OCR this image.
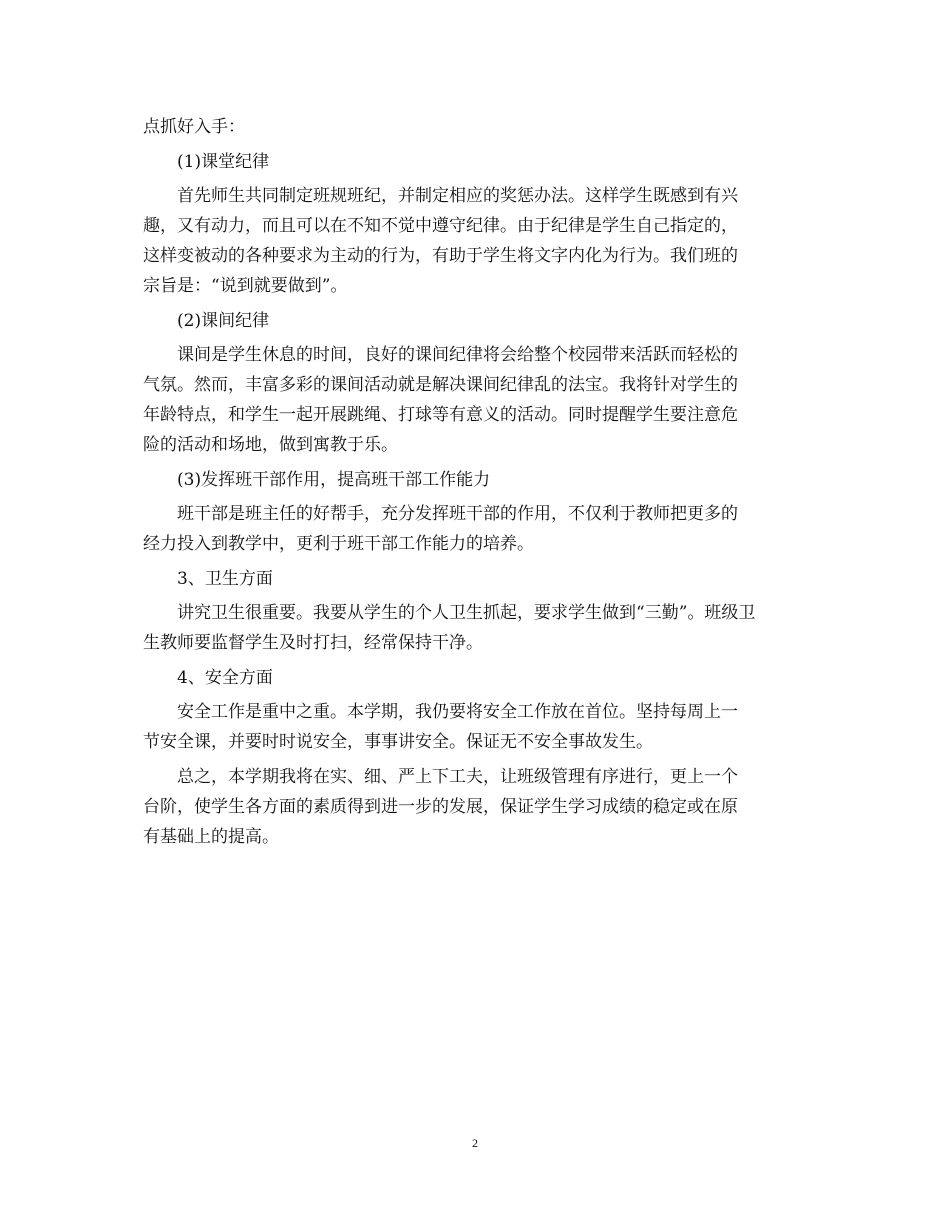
点抓好入手：

(1)课堂纪律

首先师生共同制定班规班纪，并制定相应的奖惩办法。这样学生既感到有兴

趣，又有动力，而且可以在不知不觉中遵守纪律。由于纪律是学生自己指定的，

这样变被动的各种要求为主动的行为，有助于学生将文字内化为行为。我们班的

宗旨是：“说到就要做到”。

(2)课间纪律

课间是学生休息的时间，良好的课间纪律将会给整个校园带来活跃而轻松的

气氛。然而，丰富多彩的课间活动就是解决课间纪律乱的法宝。我将针对学生的

年龄特点，和学生一起开展跳绳、打球等有意义的活动。同时提醒学生要注意危

险的活动和场地，做到寓教于乐。

(3)发挥班干部作用，提高班干部工作能力

班干部是班主任的好帮手，充分发挥班干部的作用，不仅利于教师把更多的

经力投入到教学中，更利于班干部工作能力的培养。

3、卫生方面

讲究卫生很重要。我要从学生的个人卫生抓起，要求学生做到“三勤”。班级卫

生教师要监督学生及时打扫，经常保持干净。

4、安全方面

安全工作是重中之重。本学期，我仍要将安全工作放在首位。坚持每周上一

节安全课，并要时时说安全，事事讲安全。保证无不安全事故发生。

总之，本学期我将在实、细、严上下工夫，让班级管理有序进行，更上一个

台阶，使学生各方面的素质得到进一步的发展，保证学生学习成绩的稳定或在原

有基础上的提高。

2
